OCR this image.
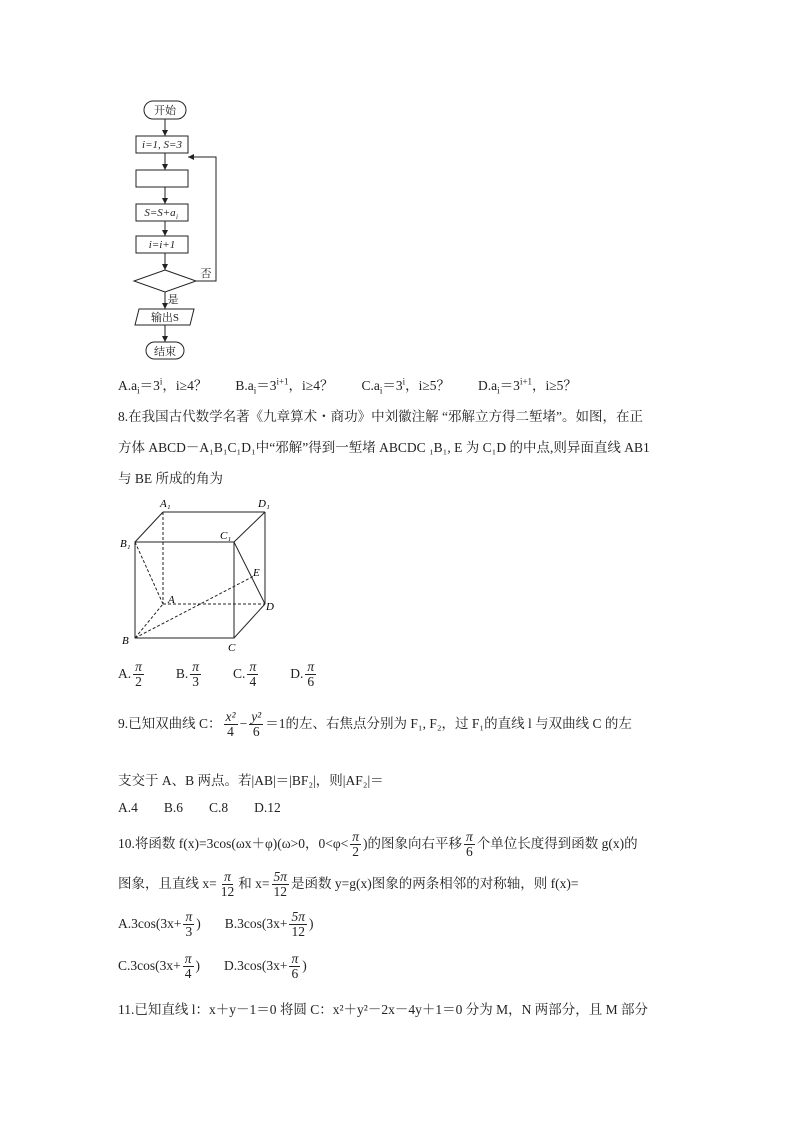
开始
i=1, S=3
S=S+a i
i=i+1
否
是
输出S
结束
$A.a_i=3^i$，i≥4？ $B.a_i=3^{i+1}$，i≥4？ $C.a_i=3^i$，i≥5？ $D.a_i=3^{i+1}$，i≥5？
8.在我国古代数学名著《九章算术・商功》中刘徽注解 “邪解立方得二堑堵”。如图，在正
方体 ABCD－A₁B₁C₁D₁中“邪解”得到一堑堵 ABCDC ₁B₁, E 为 C₁D 的中点,则异面直线 AB1
与 BE 所成的角为
A₁	D₁
B₁
C₁
E
A
D
B
C
A. $\frac{\pi}{2} B$. $\frac{\pi}{3} C$. $\frac{\pi}{4} D$. $\frac{\pi}{6}$
9.已知双曲线 C： $\frac{\text{x²}}{4} - \frac{\text{y²}}{6} =1$的左、右焦点分别为 F₁, F₂，过 F₁的直线 l 与双曲线 C 的左
支交于 A、B 两点。若|AB|＝|BF₂|，则|AF₂|＝
A.4 B.6 C.8 D.12
10.将函数 f(x)=3cos(ωx＋φ)(ω>0，$0<\varphi< \frac{\pi}{2}$ )的图象向右平移 $\frac{\pi}{6}$ 个单位长度得到函数 g(x)的
图象，且直线 $x= \frac{\pi}{12}$ 和 $x= \frac{5\pi}{12}$ 是函数 y=g(x)图象的两条相邻的对称轴，则 f(x)=
$A.3\cos(3x+ \frac{\pi}{3}$ ) $B.3\cos(3x+ \frac{5\pi}{12}$ )
$C.3\cos(3x+ \frac{\pi}{4}$ ) $D.3\cos(3x+ \frac{\pi}{6}$ )
11.已知直线 l：x＋y－1＝0 将圆 C：x²＋y²－2x－4y＋1＝0 分为 M，N 两部分，且 M 部分
